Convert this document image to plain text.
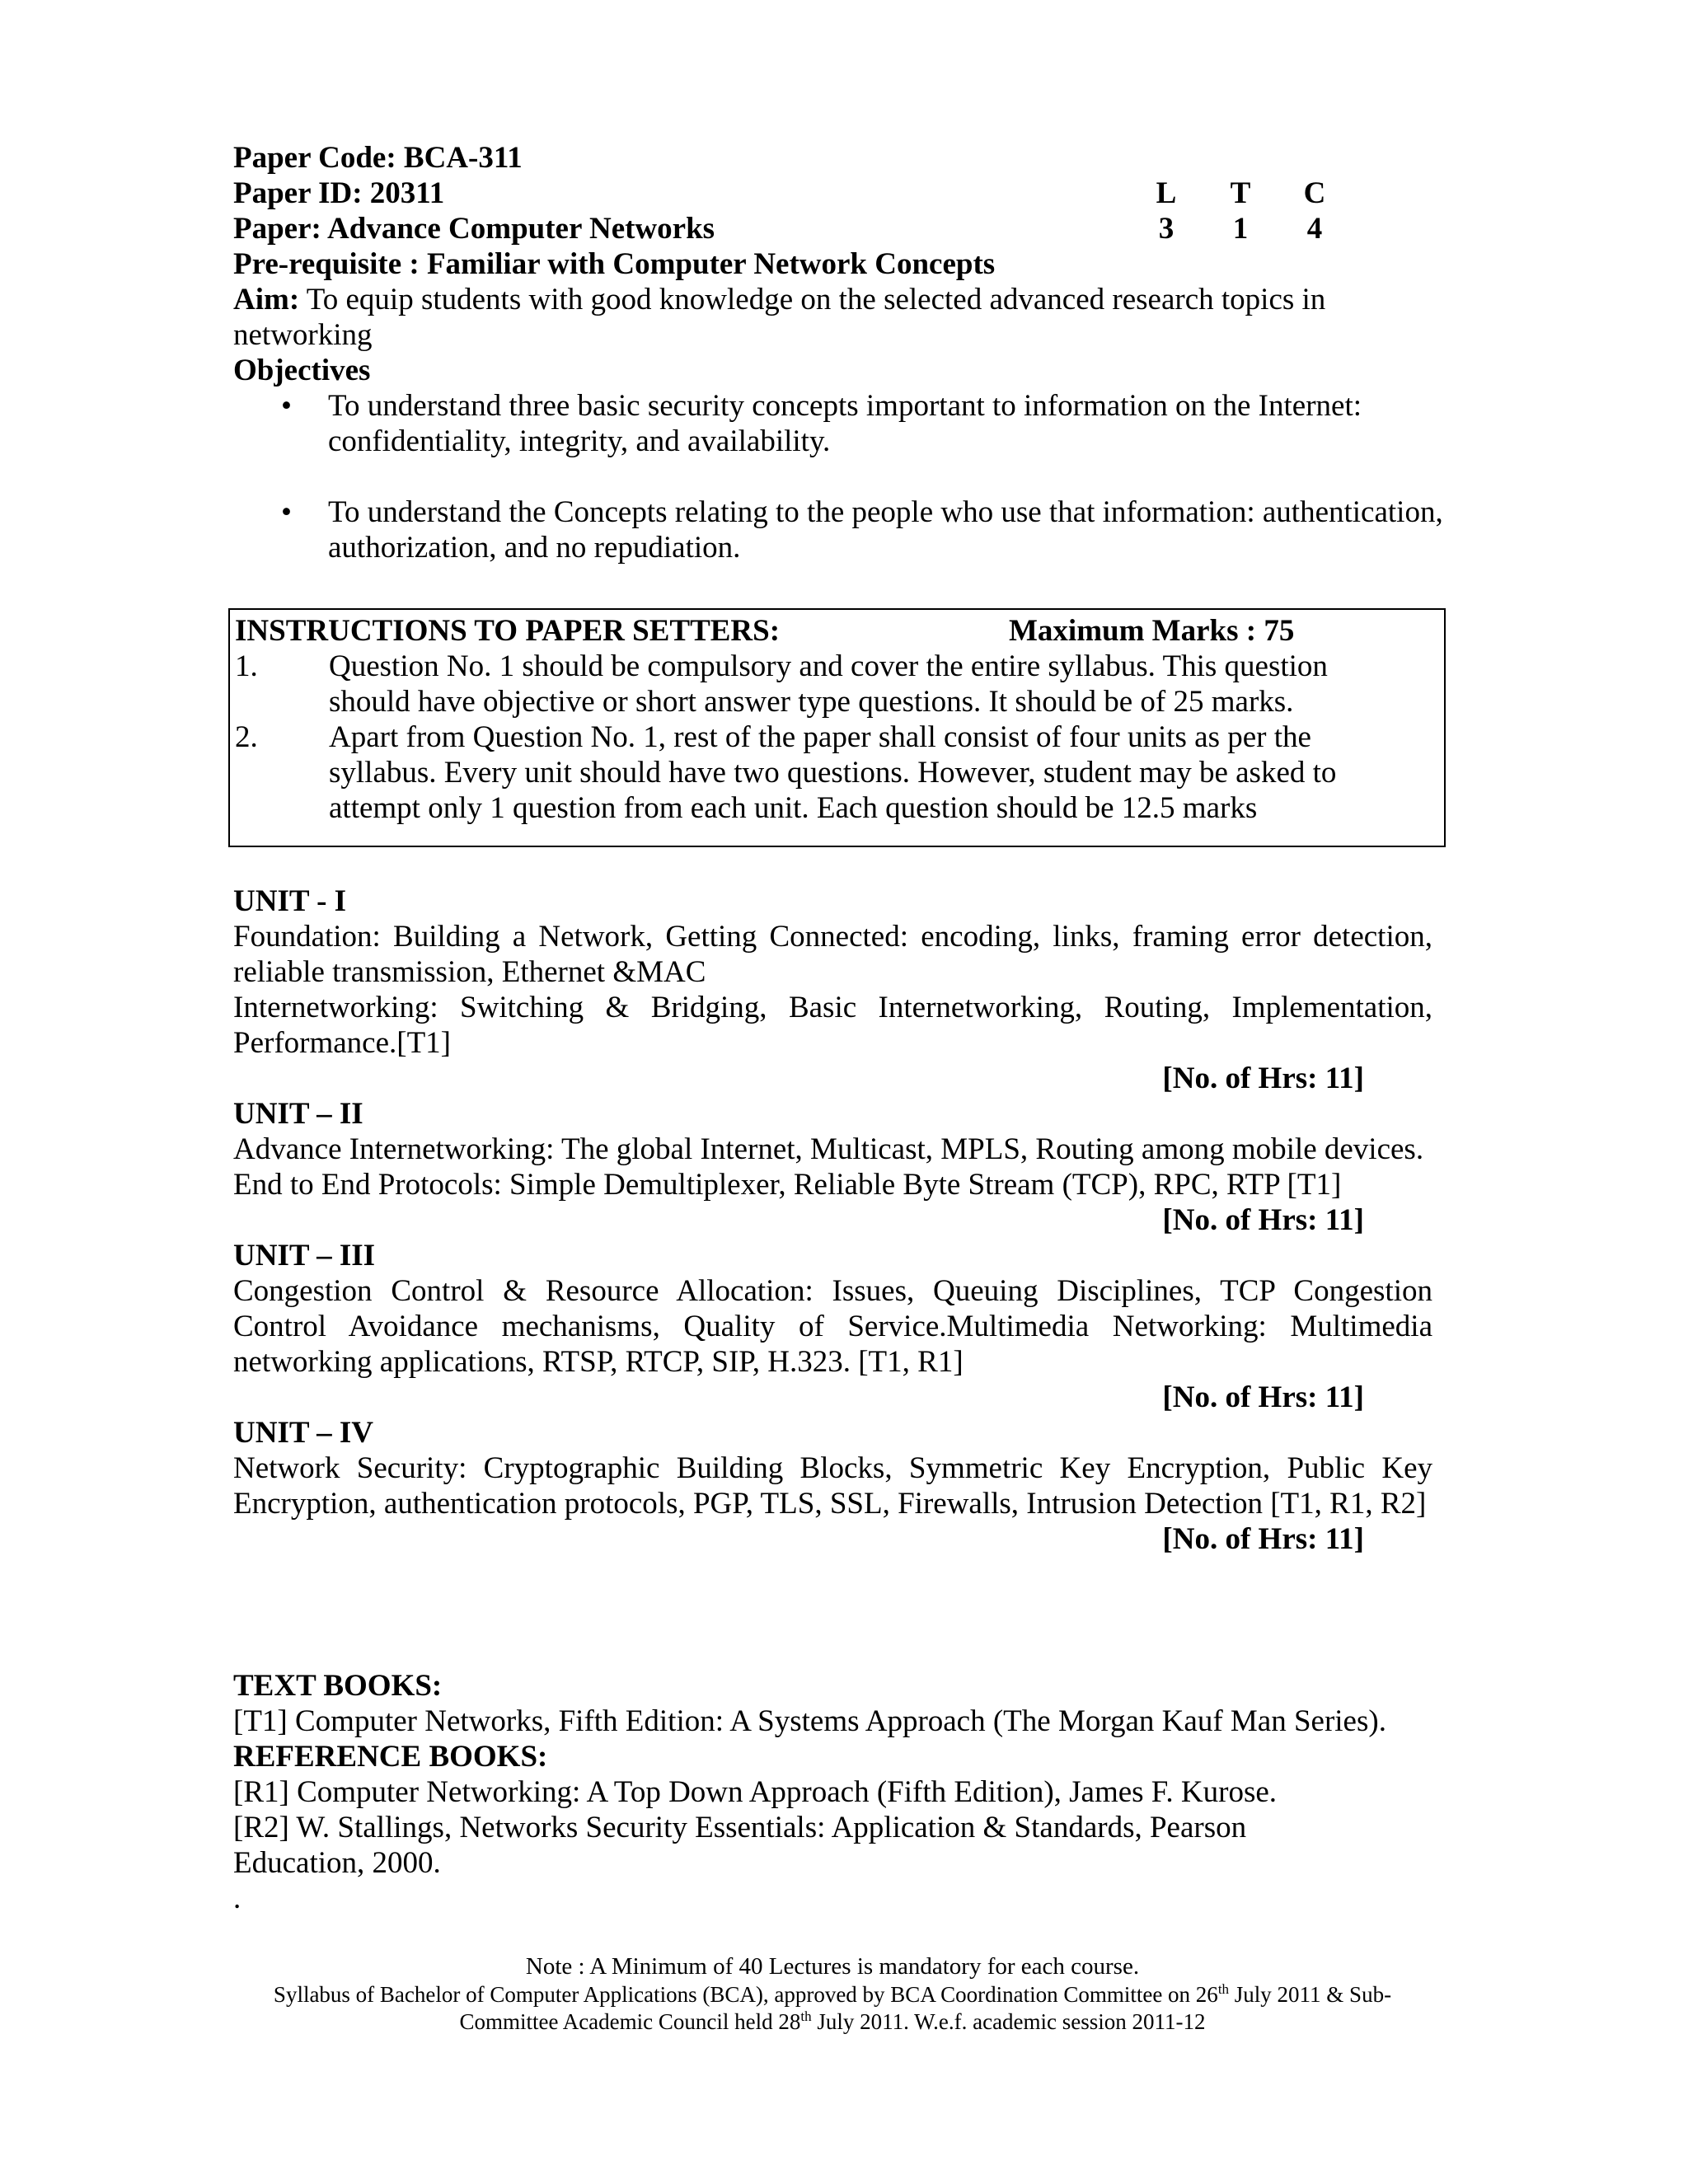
Paper Code: BCA-311
Paper ID: 20311	L	T	C
Paper: Advance Computer Networks	3	1	4
Pre-requisite : Familiar with Computer Network Concepts
Aim: To equip students with good knowledge on the selected advanced research topics in networking
Objectives
• To understand three basic security concepts important to information on the Internet: confidentiality, integrity, and availability.
• To understand the Concepts relating to the people who use that information: authentication, authorization, and no repudiation.
INSTRUCTIONS TO PAPER SETTERS:	Maximum Marks : 75
1.	Question No. 1 should be compulsory and cover the entire syllabus. This question should have objective or short answer type questions. It should be of 25 marks.
2.	Apart from Question No. 1, rest of the paper shall consist of four units as per the syllabus. Every unit should have two questions. However, student may be asked to attempt only 1 question from each unit. Each question should be 12.5 marks
UNIT - I
Foundation: Building a Network, Getting Connected: encoding, links, framing error detection, reliable transmission, Ethernet &MAC
Internetworking: Switching & Bridging, Basic Internetworking, Routing, Implementation, Performance.[T1]
[No. of Hrs: 11]
UNIT – II
Advance Internetworking: The global Internet, Multicast, MPLS, Routing among mobile devices.
End to End Protocols: Simple Demultiplexer, Reliable Byte Stream (TCP), RPC, RTP [T1]
[No. of Hrs: 11]
UNIT – III
Congestion Control & Resource Allocation: Issues, Queuing Disciplines, TCP Congestion Control Avoidance mechanisms, Quality of Service.Multimedia Networking: Multimedia networking applications, RTSP, RTCP, SIP, H.323. [T1, R1]
[No. of Hrs: 11]
UNIT – IV
Network Security: Cryptographic Building Blocks, Symmetric Key Encryption, Public Key Encryption, authentication protocols, PGP, TLS, SSL, Firewalls, Intrusion Detection [T1, R1, R2]
[No. of Hrs: 11]
TEXT BOOKS:
[T1] Computer Networks, Fifth Edition: A Systems Approach (The Morgan Kauf Man Series).
REFERENCE BOOKS:
[R1] Computer Networking: A Top Down Approach (Fifth Edition), James F. Kurose.
[R2] W. Stallings, Networks Security Essentials: Application & Standards, Pearson Education, 2000.
.
Note : A Minimum of 40 Lectures is mandatory for each course.
Syllabus of Bachelor of Computer Applications (BCA), approved by BCA Coordination Committee on 26th July 2011 & Sub-
Committee Academic Council held 28th July 2011. W.e.f. academic session 2011-12
